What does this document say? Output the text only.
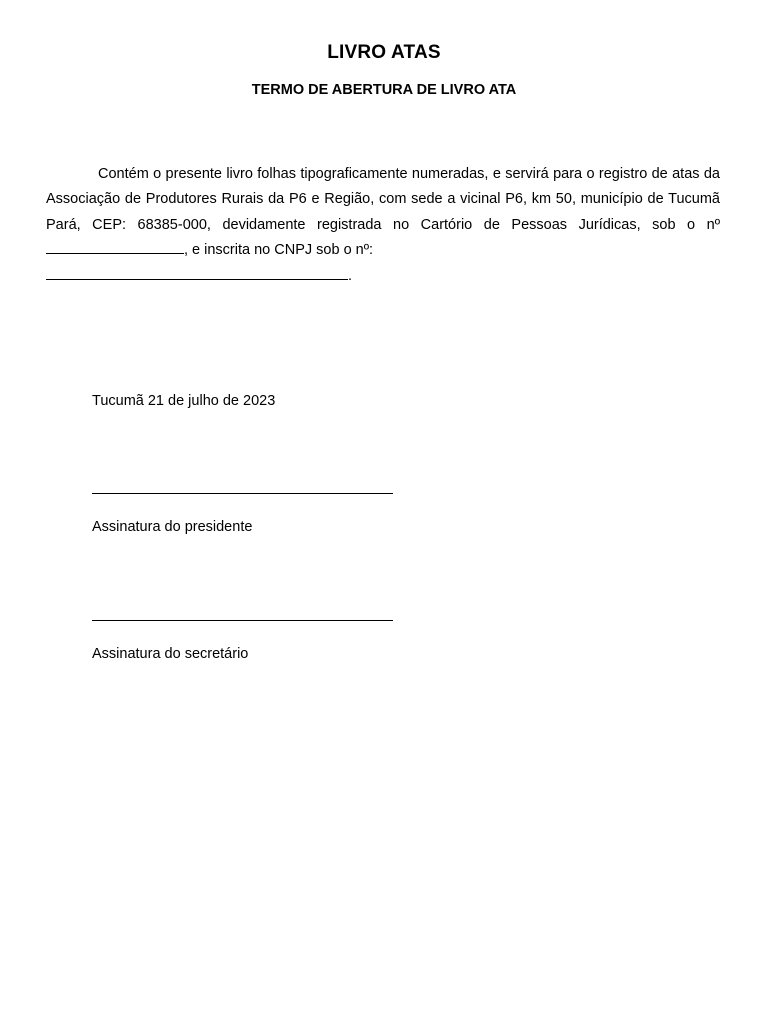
LIVRO ATAS
TERMO DE ABERTURA DE LIVRO ATA

Contém o presente livro folhas tipograficamente numeradas, e servirá para o registro de atas da Associação de Produtores Rurais da P6 e Região, com sede a vicinal P6, km 50, município de Tucumã Pará, CEP: 68385-000, devidamente registrada no Cartório de Pessoas Jurídicas, sob o nº, e inscrita no CNPJ sob o nº:

.
Tucumã 21 de julho de 2023
Assinatura do presidente
Assinatura do secretário
